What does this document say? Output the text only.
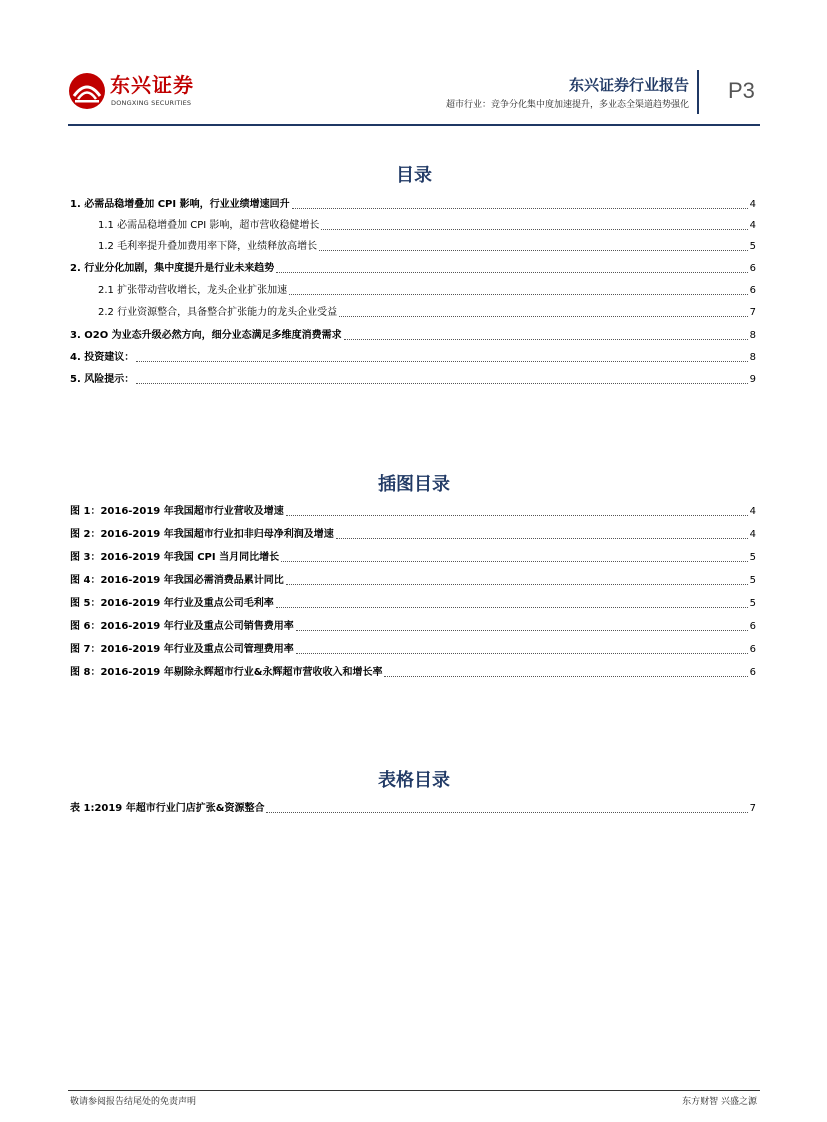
东兴证券
DONGXING SECURITIES
东兴证券行业报告
超市行业：竞争分化集中度加速提升，多业态全渠道趋势强化
P3
目录
1. 必需品稳增叠加 CPI 影响，行业业绩增速回升	4
1.1 必需品稳增叠加 CPI 影响，超市营收稳健增长	4
1.2 毛利率提升叠加费用率下降，业绩释放高增长	5
2. 行业分化加剧，集中度提升是行业未来趋势	6
2.1 扩张带动营收增长，龙头企业扩张加速	6
2.2 行业资源整合，具备整合扩张能力的龙头企业受益	7
3. O2O 为业态升级必然方向，细分业态满足多维度消费需求	8
4. 投资建议：	8
5. 风险提示：	9
插图目录
图 1：2016-2019 年我国超市行业营收及增速	4
图 2：2016-2019 年我国超市行业扣非归母净利润及增速	4
图 3：2016-2019 年我国 CPI 当月同比增长	5
图 4：2016-2019 年我国必需消费品累计同比	5
图 5：2016-2019 年行业及重点公司毛利率	5
图 6：2016-2019 年行业及重点公司销售费用率	6
图 7：2016-2019 年行业及重点公司管理费用率	6
图 8：2016-2019 年剔除永辉超市行业&永辉超市营收收入和增长率	6
表格目录
表 1:2019 年超市行业门店扩张&资源整合	7
敬请参阅报告结尾处的免责声明	东方财智 兴盛之源
